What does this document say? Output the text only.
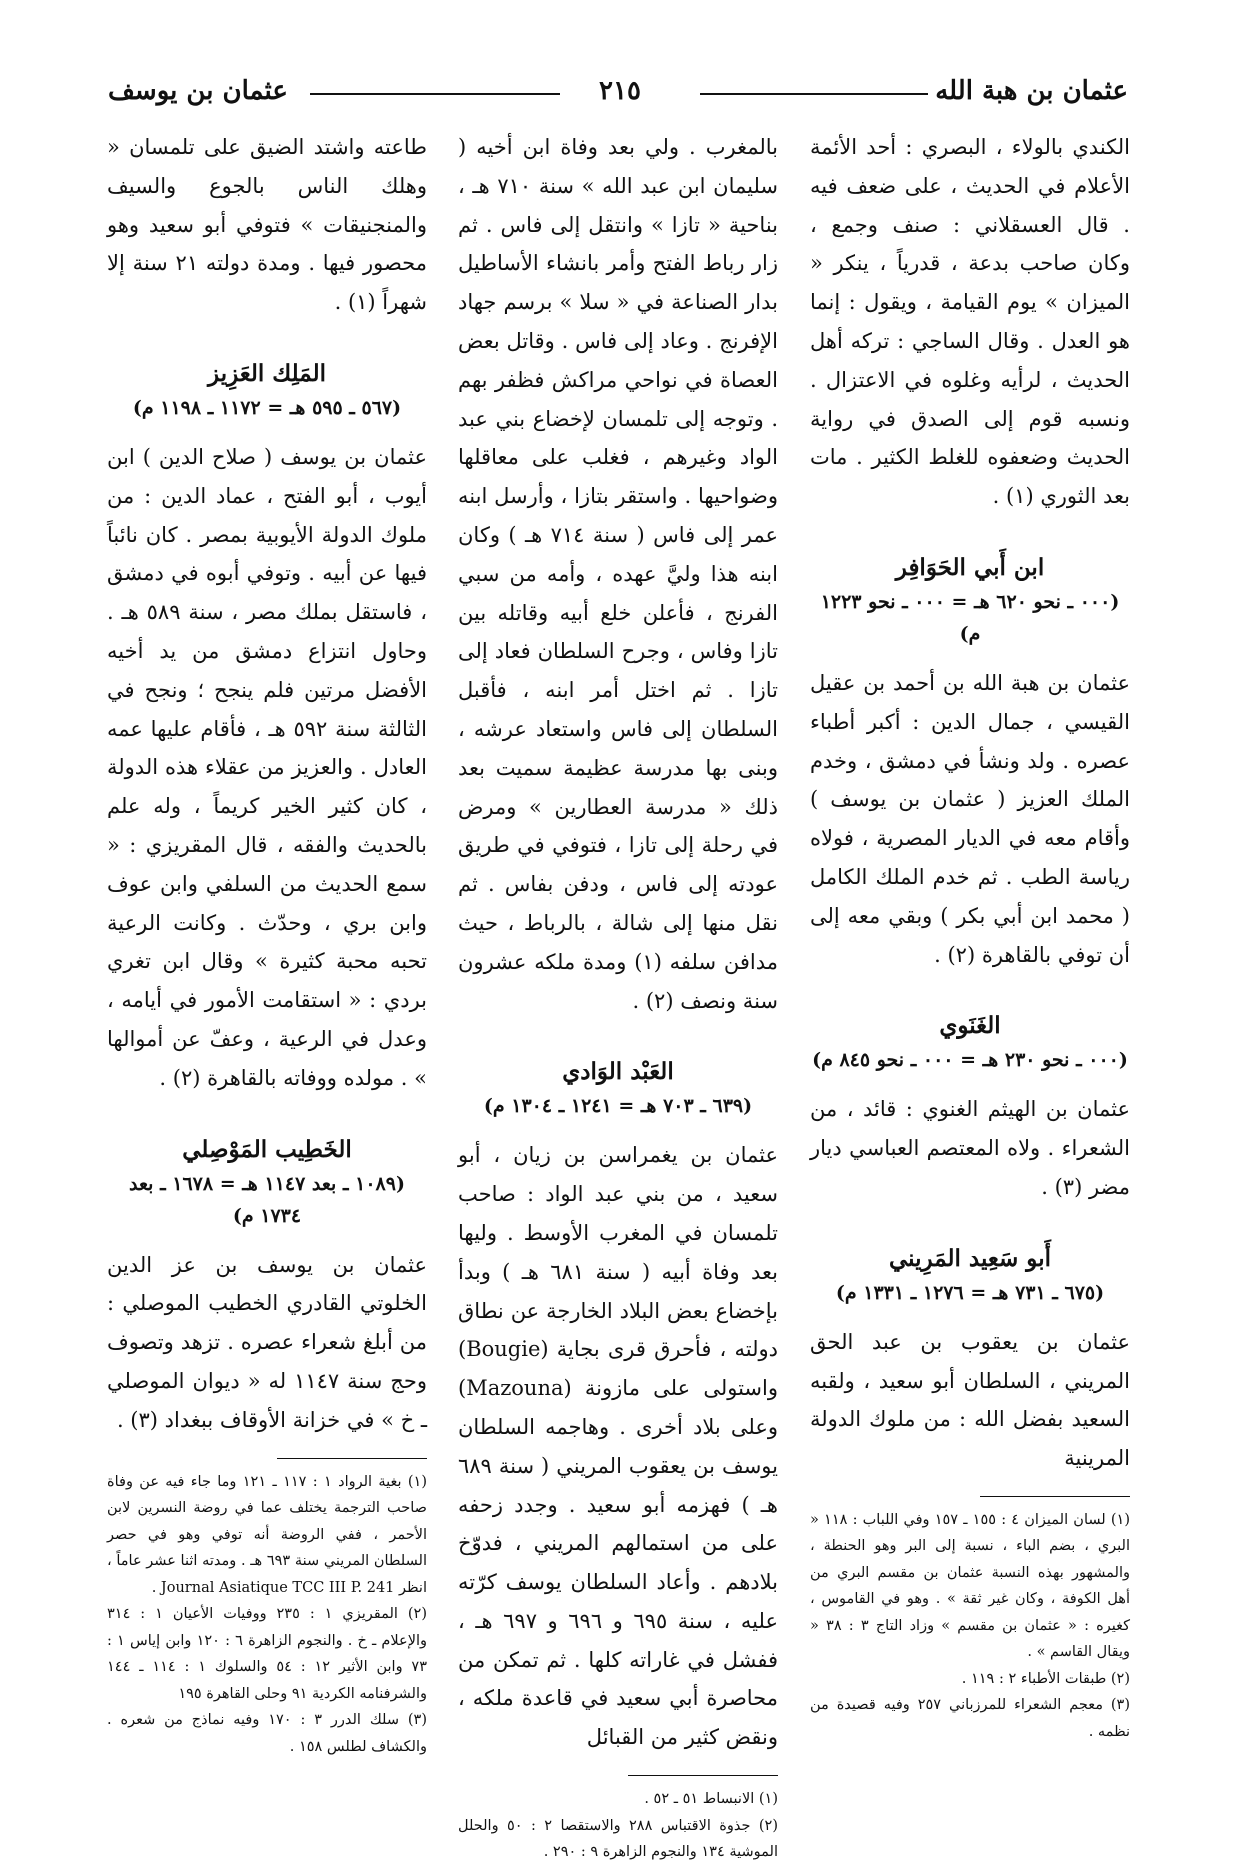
عثمان بن هبة الله
٢١٥
عثمان بن يوسف

الكندي بالولاء ، البصري : أحد الأئمة الأعلام في الحديث ، على ضعف فيه . قال العسقلاني : صنف وجمع ، وكان صاحب بدعة ، قدرياً ، ينكر « الميزان » يوم القيامة ، ويقول : إنما هو العدل . وقال الساجي : تركه أهل الحديث ، لرأيه وغلوه في الاعتزال . ونسبه قوم إلى الصدق في رواية الحديث وضعفوه للغلط الكثير . مات بعد الثوري (١) .

ابن أَبي الحَوَافِر
(٠٠٠ ـ نحو ٦٢٠ هـ = ٠٠٠ ـ نحو ١٢٢٣ م)

عثمان بن هبة الله بن أحمد بن عقيل القيسي ، جمال الدين : أكبر أطباء عصره . ولد ونشأ في دمشق ، وخدم الملك العزيز ( عثمان بن يوسف ) وأقام معه في الديار المصرية ، فولاه رياسة الطب . ثم خدم الملك الكامل ( محمد ابن أبي بكر ) وبقي معه إلى أن توفي بالقاهرة (٢) .

الغَنَوي
(٠٠٠ ـ نحو ٢٣٠ هـ = ٠٠٠ ـ نحو ٨٤٥ م)

عثمان بن الهيثم الغنوي : قائد ، من الشعراء . ولاه المعتصم العباسي ديار مضر (٣) .

أَبو سَعِيد المَرِيني
(٦٧٥ ـ ٧٣١ هـ = ١٢٧٦ ـ ١٣٣١ م)

عثمان بن يعقوب بن عبد الحق المريني ، السلطان أبو سعيد ، ولقبه السعيد بفضل الله : من ملوك الدولة المرينية

(١) لسان الميزان ٤ : ١٥٥ ـ ١٥٧ وفي اللباب : ١١٨ « البري ، بضم الباء ، نسبة إلى البر وهو الحنطة ، والمشهور بهذه النسبة عثمان بن مقسم البري من أهل الكوفة ، وكان غير ثقة » . وهو في القاموس ، كغيره : « عثمان بن مقسم » وزاد التاج ٣ : ٣٨ « ويقال القاسم » .

(٢) طبقات الأطباء ٢ : ١١٩ .

(٣) معجم الشعراء للمرزباني ٢٥٧ وفيه قصيدة من نظمه .

بالمغرب . ولي بعد وفاة ابن أخيه ( سليمان ابن عبد الله » سنة ٧١٠ هـ ، بناحية « تازا » وانتقل إلى فاس . ثم زار رباط الفتح وأمر بانشاء الأساطيل بدار الصناعة في « سلا » برسم جهاد الإفرنج . وعاد إلى فاس . وقاتل بعض العصاة في نواحي مراكش فظفر بهم . وتوجه إلى تلمسان لإخضاع بني عبد الواد وغيرهم ، فغلب على معاقلها وضواحيها . واستقر بتازا ، وأرسل ابنه عمر إلى فاس ( سنة ٧١٤ هـ ) وكان ابنه هذا وليَّ عهده ، وأمه من سبي الفرنج ، فأعلن خلع أبيه وقاتله بين تازا وفاس ، وجرح السلطان فعاد إلى تازا . ثم اختل أمر ابنه ، فأقبل السلطان إلى فاس واستعاد عرشه ، وبنى بها مدرسة عظيمة سميت بعد ذلك « مدرسة العطارين » ومرض في رحلة إلى تازا ، فتوفي في طريق عودته إلى فاس ، ودفن بفاس . ثم نقل منها إلى شالة ، بالرباط ، حيث مدافن سلفه (١) ومدة ملكه عشرون سنة ونصف (٢) .

العَبْد الوَادي
(٦٣٩ ـ ٧٠٣ هـ = ١٢٤١ ـ ١٣٠٤ م)

عثمان بن يغمراسن بن زيان ، أبو سعيد ، من بني عبد الواد : صاحب تلمسان في المغرب الأوسط . وليها بعد وفاة أبيه ( سنة ٦٨١ هـ ) وبدأ بإخضاع بعض البلاد الخارجة عن نطاق دولته ، فأحرق قرى بجاية (Bougie) واستولى على مازونة (Mazouna) وعلى بلاد أخرى . وهاجمه السلطان يوسف بن يعقوب المريني ( سنة ٦٨٩ هـ ) فهزمه أبو سعيد . وجدد زحفه على من استمالهم المريني ، فدوّخ بلادهم . وأعاد السلطان يوسف كرّته عليه ، سنة ٦٩٥ و ٦٩٦ و ٦٩٧ هـ ، ففشل في غاراته كلها . ثم تمكن من محاصرة أبي سعيد في قاعدة ملكه ، ونقض كثير من القبائل

(١) الانبساط ٥١ ـ ٥٢ .

(٢) جذوة الاقتباس ٢٨٨ والاستقصا ٢ : ٥٠ والحلل الموشية ١٣٤ والنجوم الزاهرة ٩ : ٢٩٠ .

طاعته واشتد الضيق على تلمسان « وهلك الناس بالجوع والسيف والمنجنيقات » فتوفي أبو سعيد وهو محصور فيها . ومدة دولته ٢١ سنة إلا شهراً (١) .

المَلِك العَزِيز
(٥٦٧ ـ ٥٩٥ هـ = ١١٧٢ ـ ١١٩٨ م)

عثمان بن يوسف ( صلاح الدين ) ابن أيوب ، أبو الفتح ، عماد الدين : من ملوك الدولة الأيوبية بمصر . كان نائباً فيها عن أبيه . وتوفي أبوه في دمشق ، فاستقل بملك مصر ، سنة ٥٨٩ هـ . وحاول انتزاع دمشق من يد أخيه الأفضل مرتين فلم ينجح ؛ ونجح في الثالثة سنة ٥٩٢ هـ ، فأقام عليها عمه العادل . والعزيز من عقلاء هذه الدولة ، كان كثير الخير كريماً ، وله علم بالحديث والفقه ، قال المقريزي : « سمع الحديث من السلفي وابن عوف وابن بري ، وحدّث . وكانت الرعية تحبه محبة كثيرة » وقال ابن تغري بردي : « استقامت الأمور في أيامه ، وعدل في الرعية ، وعفّ عن أموالها » . مولده ووفاته بالقاهرة (٢) .

الخَطِيب المَوْصِلي
(١٠٨٩ ـ بعد ١١٤٧ هـ = ١٦٧٨ ـ بعد ١٧٣٤ م)

عثمان بن يوسف بن عز الدين الخلوتي القادري الخطيب الموصلي : من أبلغ شعراء عصره . تزهد وتصوف وحج سنة ١١٤٧ له « ديوان الموصلي ـ خ » في خزانة الأوقاف ببغداد (٣) .

(١) بغية الرواد ١ : ١١٧ ـ ١٢١ وما جاء فيه عن وفاة صاحب الترجمة يختلف عما في روضة النسرين لابن الأحمر ، ففي الروضة أنه توفي وهو في حصر السلطان المريني سنة ٦٩٣ هـ . ومدته اثنا عشر عاماً ، انظر Journal Asiatique TCC III P. 241 .

(٢) المقريزي ١ : ٢٣٥ ووفيات الأعيان ١ : ٣١٤ والإعلام ـ خ . والنجوم الزاهرة ٦ : ١٢٠ وابن إياس ١ : ٧٣ وابن الأثير ١٢ : ٥٤ والسلوك ١ : ١١٤ ـ ١٤٤ والشرفنامه الكردية ٩١ وحلى القاهرة ١٩٥

(٣) سلك الدرر ٣ : ١٧٠ وفيه نماذج من شعره . والكشاف لطلس ١٥٨ .
